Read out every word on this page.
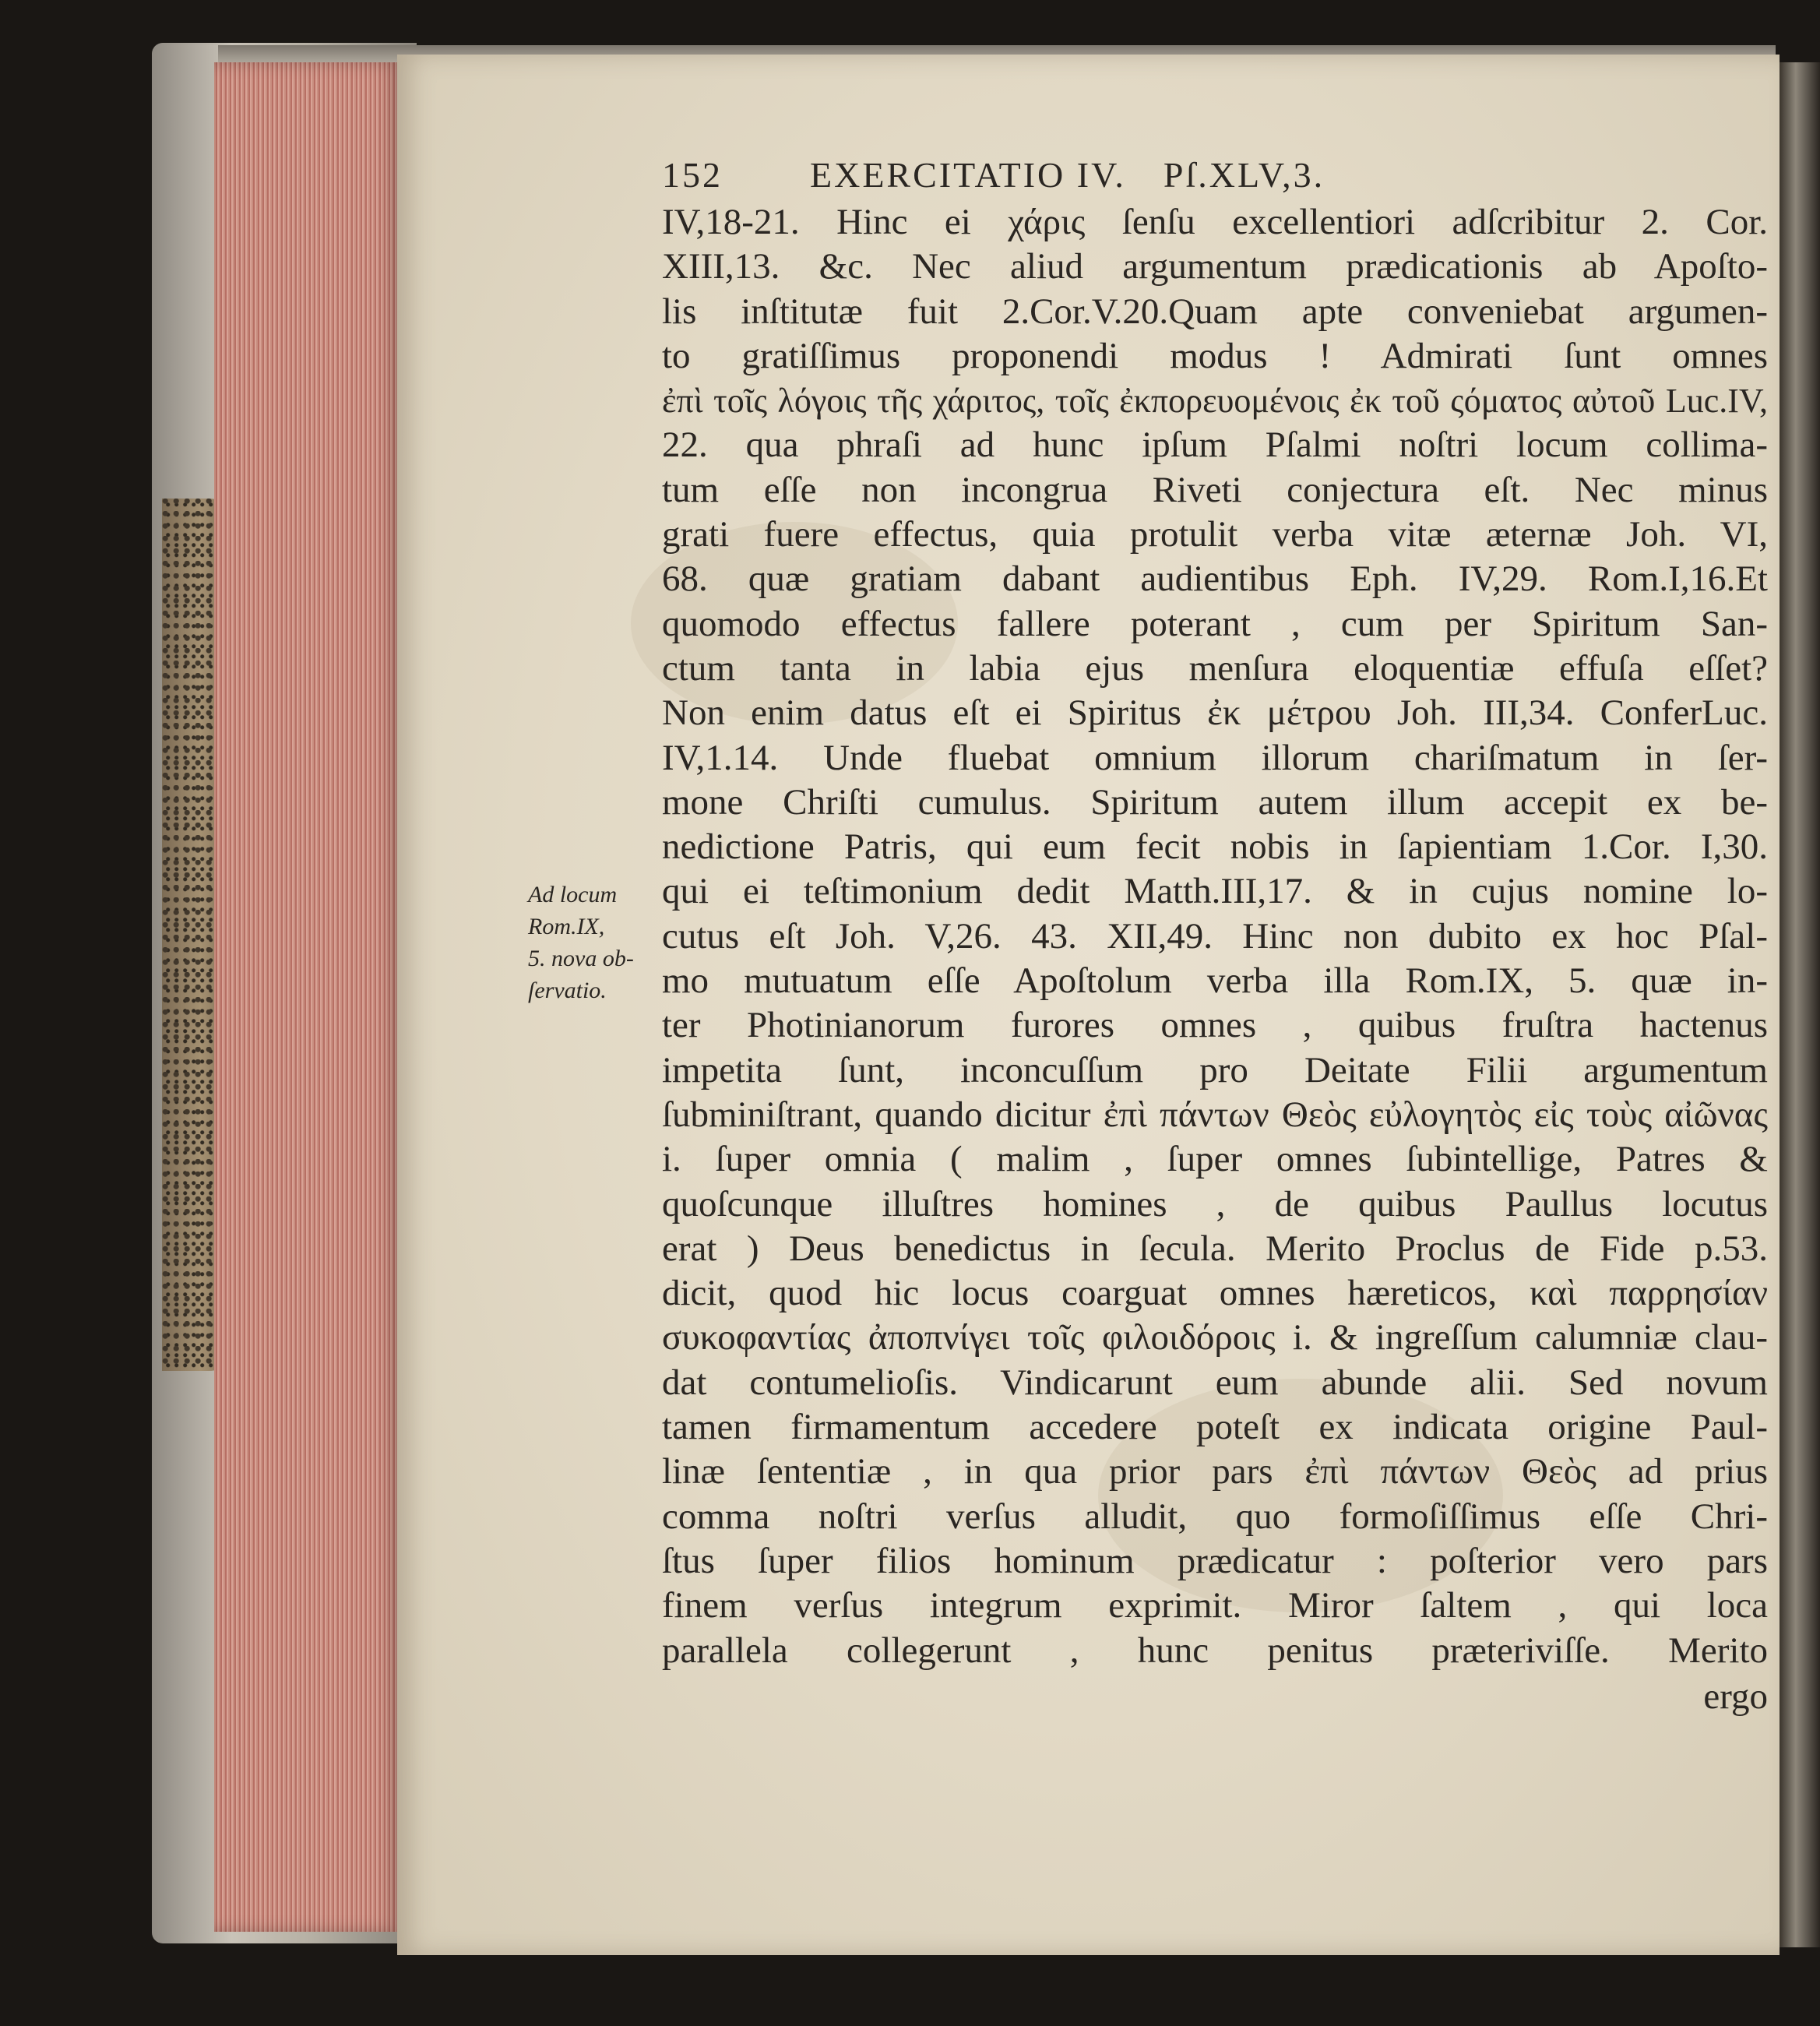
Ad locum
Rom.IX,
5. nova ob-
ſervatio.
152 EXERCITATIO IV. Pſ.XLV,3.
IV,18-21. Hinc ei χάρις ſenſu excellentiori adſcribitur 2. Cor.
XIII,13. &c. Nec aliud argumentum prædicationis ab Apoſto-
lis inſtitutæ fuit 2.Cor.V.20.Quam apte conveniebat argumen-
to gratiſſimus proponendi modus ! Admirati ſunt omnes
ἐπὶ τοῖς λόγοις τῆς χάριτος, τοῖς ἐκπορευομένοις ἐκ τοῦ ςόματος αὐτοῦ Luc.IV,
22. qua phraſi ad hunc ipſum Pſalmi noſtri locum collima-
tum eſſe non incongrua Riveti conjectura eſt. Nec minus
grati fuere effectus, quia protulit verba vitæ æternæ Joh. VI,
68. quæ gratiam dabant audientibus Eph. IV,29. Rom.I,16.Et
quomodo effectus fallere poterant , cum per Spiritum San-
ctum tanta in labia ejus menſura eloquentiæ effuſa eſſet?
Non enim datus eſt ei Spiritus ἐκ μέτρου Joh. III,34. ConferLuc.
IV,1.14. Unde fluebat omnium illorum chariſmatum in ſer-
mone Chriſti cumulus. Spiritum autem illum accepit ex be-
nedictione Patris, qui eum fecit nobis in ſapientiam 1.Cor. I,30.
qui ei teſtimonium dedit Matth.III,17. & in cujus nomine lo-
cutus eſt Joh. V,26. 43. XII,49. Hinc non dubito ex hoc Pſal-
mo mutuatum eſſe Apoſtolum verba illa Rom.IX, 5. quæ in-
ter Photinianorum furores omnes , quibus fruſtra hactenus
impetita ſunt, inconcuſſum pro Deitate Filii argumentum
ſubminiſtrant, quando dicitur ἐπὶ πάντων Θεὸς εὐλογητὸς εἰς τοὺς αἰῶνας
i. ſuper omnia ( malim , ſuper omnes ſubintellige, Patres &
quoſcunque illuſtres homines , de quibus Paullus locutus
erat ) Deus benedictus in ſecula. Merito Proclus de Fide p.53.
dicit, quod hic locus coarguat omnes hæreticos, καὶ παρρησίαν
συκοφαντίας ἀποπνίγει τοῖς φιλοιδόροις i. & ingreſſum calumniæ clau-
dat contumelioſis. Vindicarunt eum abunde alii. Sed novum
tamen firmamentum accedere poteſt ex indicata origine Paul-
linæ ſententiæ , in qua prior pars ἐπὶ πάντων Θεὸς ad prius
comma noſtri verſus alludit, quo formoſiſſimus eſſe Chri-
ſtus ſuper filios hominum prædicatur : poſterior vero pars
finem verſus integrum exprimit. Miror ſaltem , qui loca
parallela collegerunt , hunc penitus præteriviſſe. Merito
ergo
